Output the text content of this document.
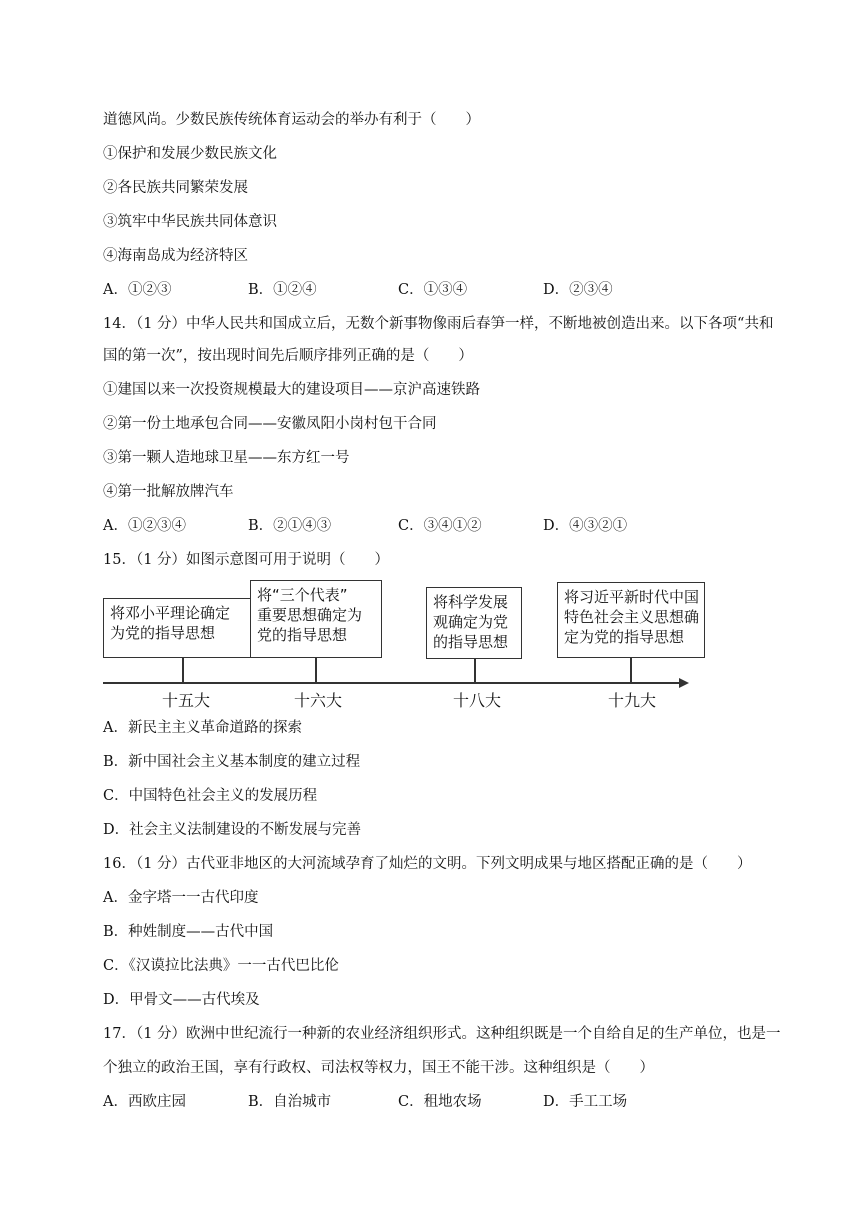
道德风尚。少数民族传统体育运动会的举办有利于（　　）
①保护和发展少数民族文化
②各民族共同繁荣发展
③筑牢中华民族共同体意识
④海南岛成为经济特区
A．①②③	B．①②④	C．①③④	D．②③④
14．（1 分）中华人民共和国成立后，无数个新事物像雨后春笋一样，不断地被创造出来。以下各项“共和
国的第一次”，按出现时间先后顺序排列正确的是（　　）
①建国以来一次投资规模最大的建设项目——京沪高速铁路
②第一份土地承包合同——安徽凤阳小岗村包干合同
③第一颗人造地球卫星——东方红一号
④第一批解放牌汽车
A．①②③④	B．②①④③	C．③④①②	D．④③②①
15．（1 分）如图示意图可用于说明（　　）
将邓小平理论确定
为党的指导思想
将“三个代表”
重要思想确定为
党的指导思想
将科学发展
观确定为党
的指导思想
将习近平新时代中国
特色社会主义思想确
定为党的指导思想
十五大	十六大	十八大	十九大
A．新民主主义革命道路的探索
B．新中国社会主义基本制度的建立过程
C．中国特色社会主义的发展历程
D．社会主义法制建设的不断发展与完善
16．（1 分）古代亚非地区的大河流域孕育了灿烂的文明。下列文明成果与地区搭配正确的是（　　）
A．金字塔一一古代印度
B．种姓制度——古代中国
C．《汉谟拉比法典》一一古代巴比伦
D．甲骨文——古代埃及
17．（1 分）欧洲中世纪流行一种新的农业经济组织形式。这种组织既是一个自给自足的生产单位，也是一
个独立的政治王国，享有行政权、司法权等权力，国王不能干涉。这种组织是（　　）
A．西欧庄园	B．自治城市	C．租地农场	D．手工工场
